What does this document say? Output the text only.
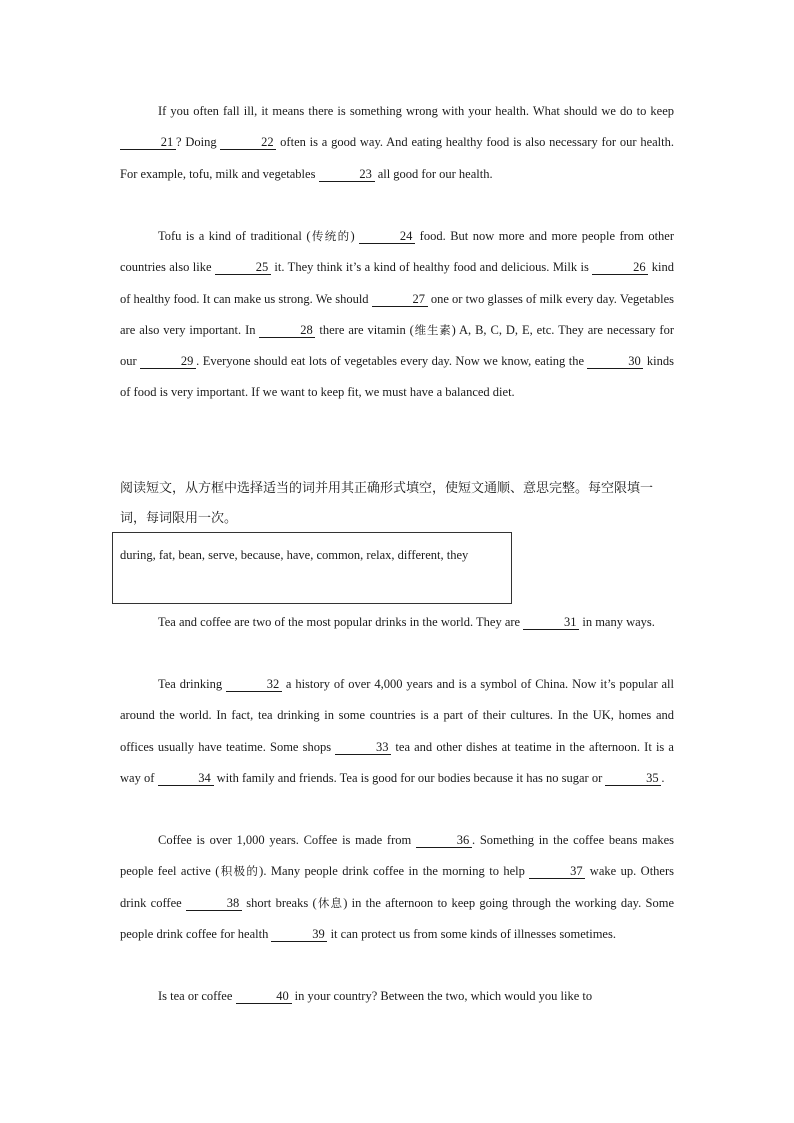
If you often fall ill, it means there is something wrong with your health. What should we do to keep 21 ? Doing	22 often is a good way. And eating healthy food is also necessary for our health. For example, tofu, milk and vegetables	23 all good for our health.

Tofu is a kind of traditional (传统的)	24 food. But now more and more people from other countries also like	25 it. They think it’s a kind of healthy food and delicious. Milk is	26 kind of healthy food. It can make us strong. We should	27 one or two glasses of milk every day. Vegetables are also very important. In	28 there are vitamin (维生素) A, B, C, D, E, etc. They are necessary for our	29 . Everyone should eat lots of vegetables every day. Now we know, eating the	30 kinds of food is very important. If we want to keep fit, we must have a balanced diet.

阅读短文，从方框中选择适当的词并用其正确形式填空，使短文通顺、意思完整。每空限填一词，每词限用一次。

during, fat, bean, serve, because, have, common, relax, different, they

Tea and coffee are two of the most popular drinks in the world. They are	31 in many ways.

Tea drinking	32 a history of over 4,000 years and is a symbol of China. Now it’s popular all around the world. In fact, tea drinking in some countries is a part of their cultures. In the UK, homes and offices usually have teatime. Some shops	33 tea and other dishes at teatime in the afternoon. It is a way of	34 with family and friends. Tea is good for our bodies because it has no sugar or	35 .

Coffee is over 1,000 years. Coffee is made from	36 . Something in the coffee beans makes people feel active (积极的). Many people drink coffee in the morning to help	37 wake up. Others drink coffee	38 short breaks (休息) in the afternoon to keep going through the working day. Some people drink coffee for health	39 it can protect us from some kinds of illnesses sometimes.

Is tea or coffee	40 in your country? Between the two, which would you like to
